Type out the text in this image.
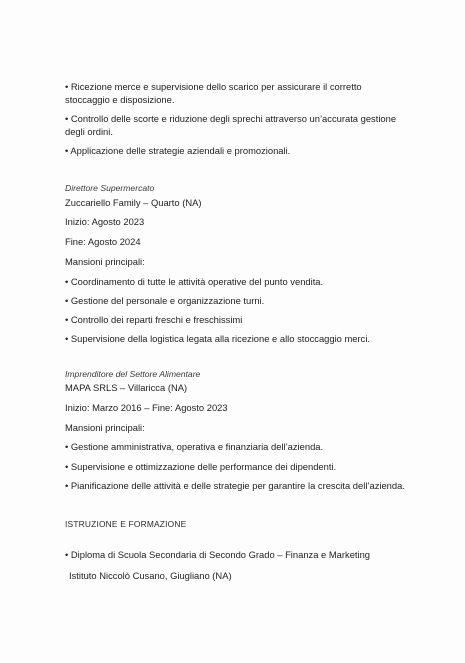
• Ricezione merce e supervisione dello scarico per assicurare il corretto stoccaggio e disposizione.
• Controllo delle scorte e riduzione degli sprechi attraverso un’accurata gestione degli ordini.
• Applicazione delle strategie aziendali e promozionali.
Direttore Supermercato
Zuccariello Family – Quarto (NA)
Inizio: Agosto 2023
Fine: Agosto 2024
Mansioni principali:
• Coordinamento di tutte le attività operative del punto vendita.
• Gestione del personale e organizzazione turni.
• Controllo dei reparti freschi e freschissimi
• Supervisione della logistica legata alla ricezione e allo stoccaggio merci.
Imprenditore del Settore Alimentare
MAPA SRLS – Villaricca (NA)
Inizio: Marzo 2016 – Fine: Agosto 2023
Mansioni principali:
• Gestione amministrativa, operativa e finanziaria dell’azienda.
• Supervisione e ottimizzazione delle performance dei dipendenti.
• Pianificazione delle attività e delle strategie per garantire la crescita dell’azienda.
ISTRUZIONE E FORMAZIONE
• Diploma di Scuola Secondaria di Secondo Grado – Finanza e Marketing
Istituto Niccolò Cusano, Giugliano (NA)
